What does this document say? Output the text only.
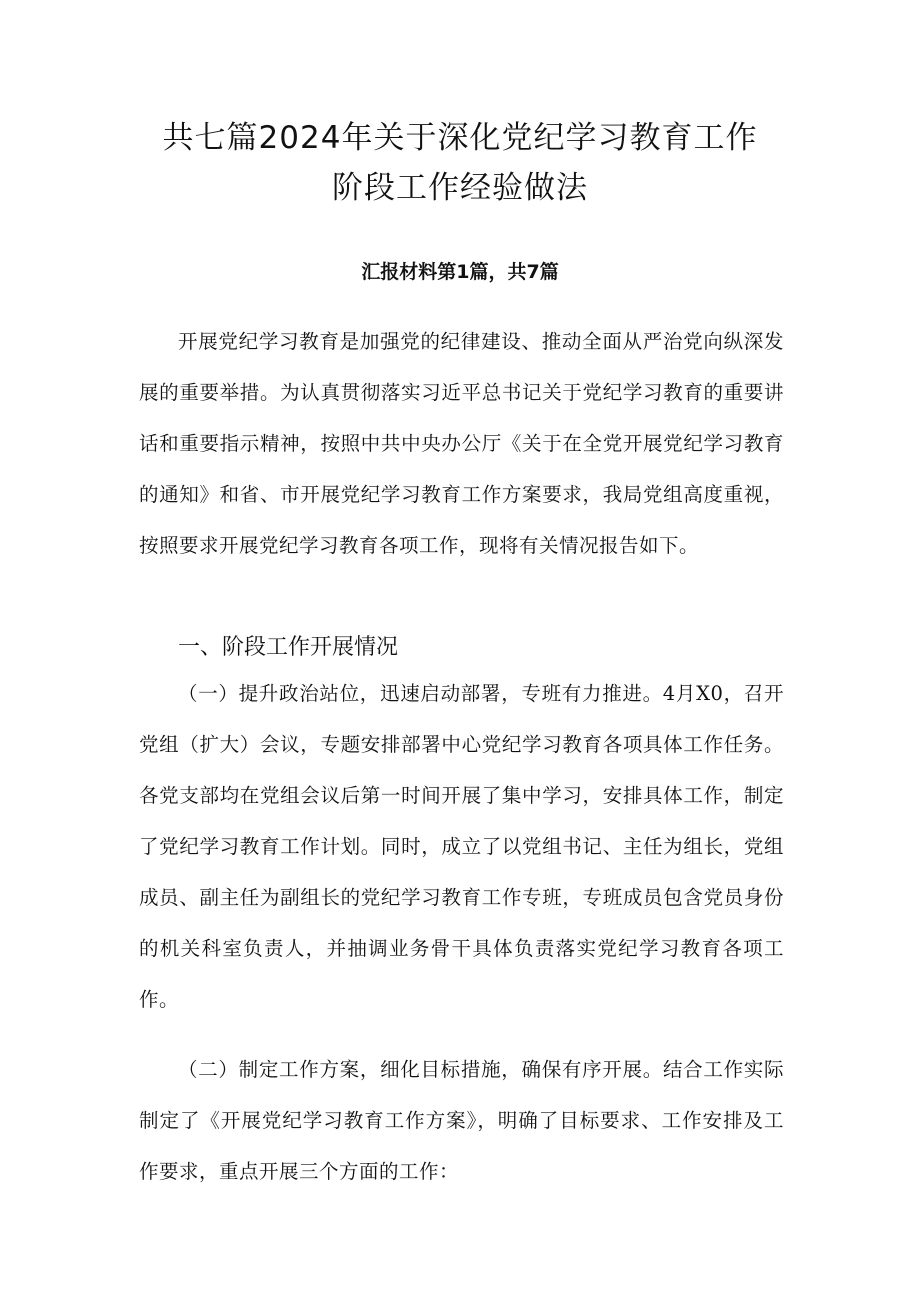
共七篇2024年关于深化党纪学习教育工作
阶段工作经验做法
汇报材料第1篇，共7篇

开展党纪学习教育是加强党的纪律建设、推动全面从严治党向纵深发展的重要举措。为认真贯彻落实习近平总书记关于党纪学习教育的重要讲话和重要指示精神，按照中共中央办公厅《关于在全党开展党纪学习教育的通知》和省、市开展党纪学习教育工作方案要求，我局党组高度重视，按照要求开展党纪学习教育各项工作，现将有关情况报告如下。

一、阶段工作开展情况

（一）提升政治站位，迅速启动部署，专班有力推进。4月X0，召开党组（扩大）会议，专题安排部署中心党纪学习教育各项具体工作任务。各党支部均在党组会议后第一时间开展了集中学习，安排具体工作，制定了党纪学习教育工作计划。同时，成立了以党组书记、主任为组长，党组成员、副主任为副组长的党纪学习教育工作专班，专班成员包含党员身份的机关科室负责人，并抽调业务骨干具体负责落实党纪学习教育各项工作。

（二）制定工作方案，细化目标措施，确保有序开展。结合工作实际制定了《开展党纪学习教育工作方案》，明确了目标要求、工作安排及工作要求，重点开展三个方面的工作：
